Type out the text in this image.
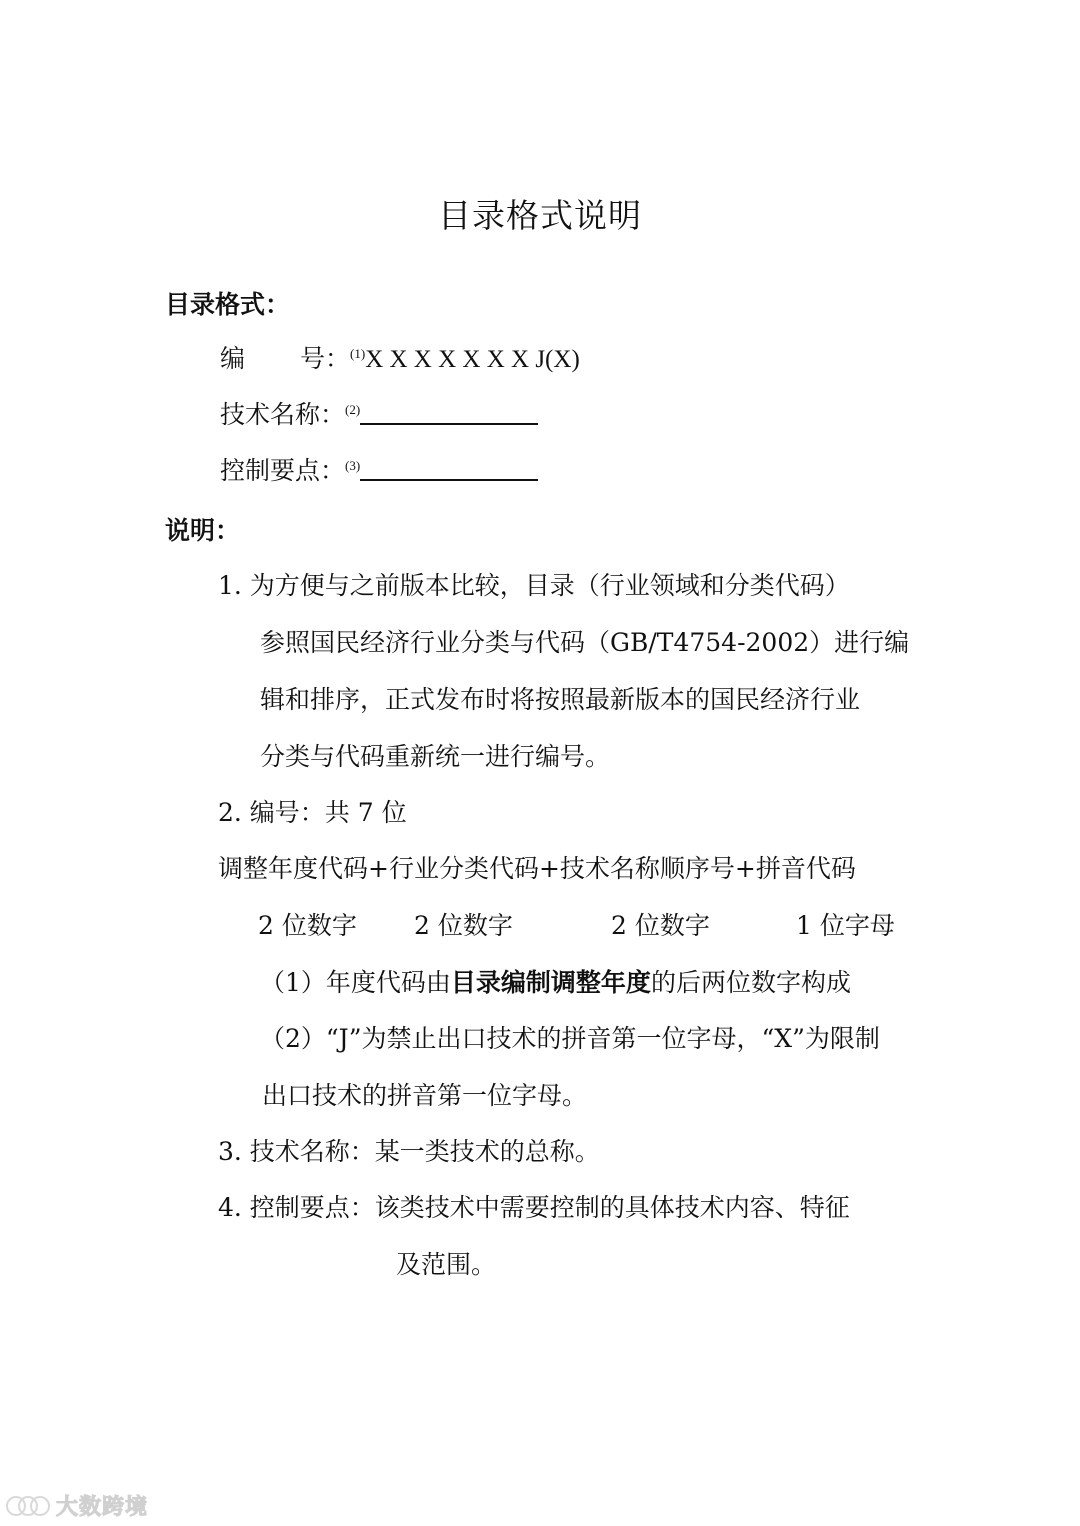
目录格式说明
目录格式：
编 号：$^{(1)}$X X X X X X X J(X)
技术名称：$^{(2)}$
控制要点：$^{(3)}$
说明：
1. 为方便与之前版本比较，目录（行业领域和分类代码）
参照国民经济行业分类与代码（GB/T4754-2002）进行编
辑和排序，正式发布时将按照最新版本的国民经济行业
分类与代码重新统一进行编号。
2. 编号：共 7 位
调整年度代码+行业分类代码+技术名称顺序号+拼音代码
2 位数字 2 位数字	2 位数字	1 位字母
（1）年度代码由目录编制调整年度的后两位数字构成
（2）“J”为禁止出口技术的拼音第一位字母，“X”为限制
出口技术的拼音第一位字母。
3. 技术名称：某一类技术的总称。
4. 控制要点：该类技术中需要控制的具体技术内容、特征
及范围。
大数跨境
